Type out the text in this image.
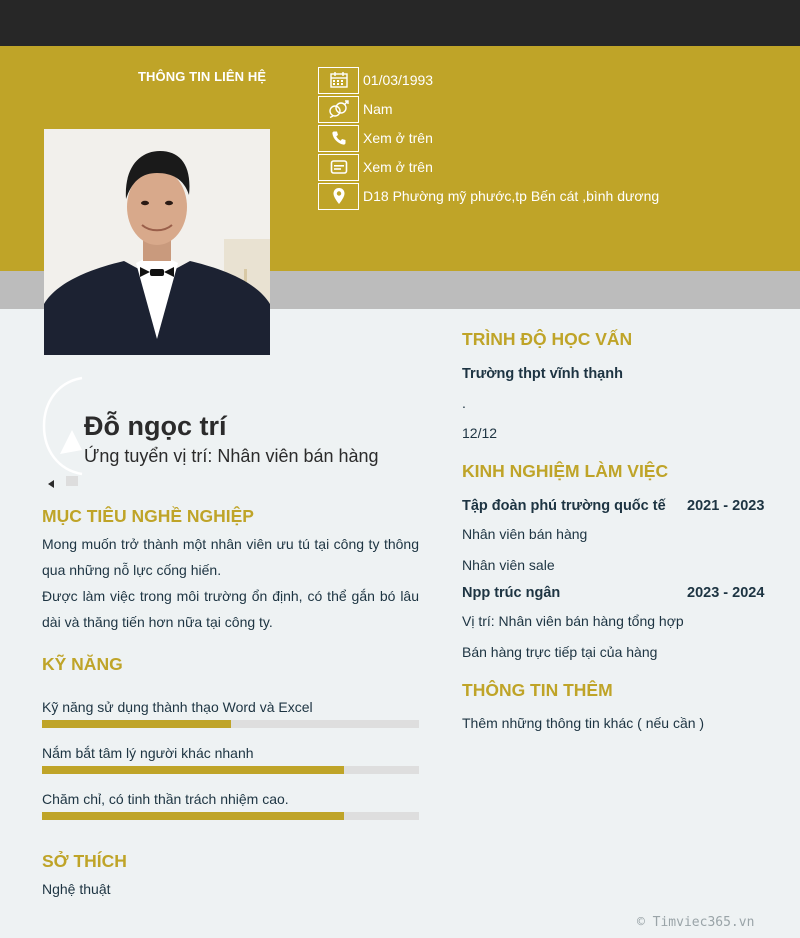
THÔNG TIN LIÊN HỆ	01/03/1993
Nam
Xem ở trên
Xem ở trên
D18 Phường mỹ phước,tp Bến cát ,bình dương
Đỗ ngọc trí
Ứng tuyển vị trí: Nhân viên bán hàng
MỤC TIÊU NGHỀ NGHIỆP
Mong muốn trở thành một nhân viên ưu tú tại công ty thông qua những nỗ lực cống hiến.
Được làm việc trong môi trường ổn định, có thể gắn bó lâu dài và thăng tiến hơn nữa tại công ty.
KỸ NĂNG
Kỹ năng sử dụng thành thạo Word và Excel
Nắm bắt tâm lý người khác nhanh
Chăm chỉ, có tinh thần trách nhiệm cao.
SỞ THÍCH
Nghệ thuật
TRÌNH ĐỘ HỌC VẤN
Trường thpt vĩnh thạnh
.
12/12
KINH NGHIỆM LÀM VIỆC
Tập đoàn phú trường quốc tế 2021 - 2023
Nhân viên bán hàng
Nhân viên sale
Npp trúc ngân	2023 - 2024
Vị trí: Nhân viên bán hàng tổng hợp
Bán hàng trực tiếp tại của hàng
THÔNG TIN THÊM
Thêm những thông tin khác ( nếu cần )
© Timviec365.vn
